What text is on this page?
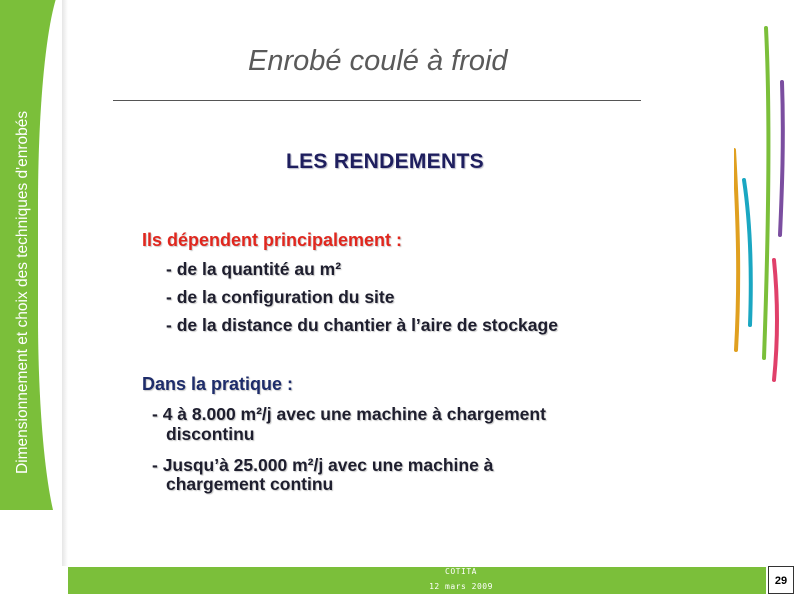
Dimensionnement et choix des techniques d'enrobés
Enrobé coulé à froid
LES RENDEMENTS
Ils dépendent principalement :
- de la quantité au m²
- de la configuration du site
- de la distance du chantier à l’aire de stockage
Dans la pratique :
- 4 à 8.000 m²/j avec une machine à chargement
discontinu
- Jusqu’à 25.000 m²/j avec une machine à
chargement continu
COTITA
12 mars 2009	29
